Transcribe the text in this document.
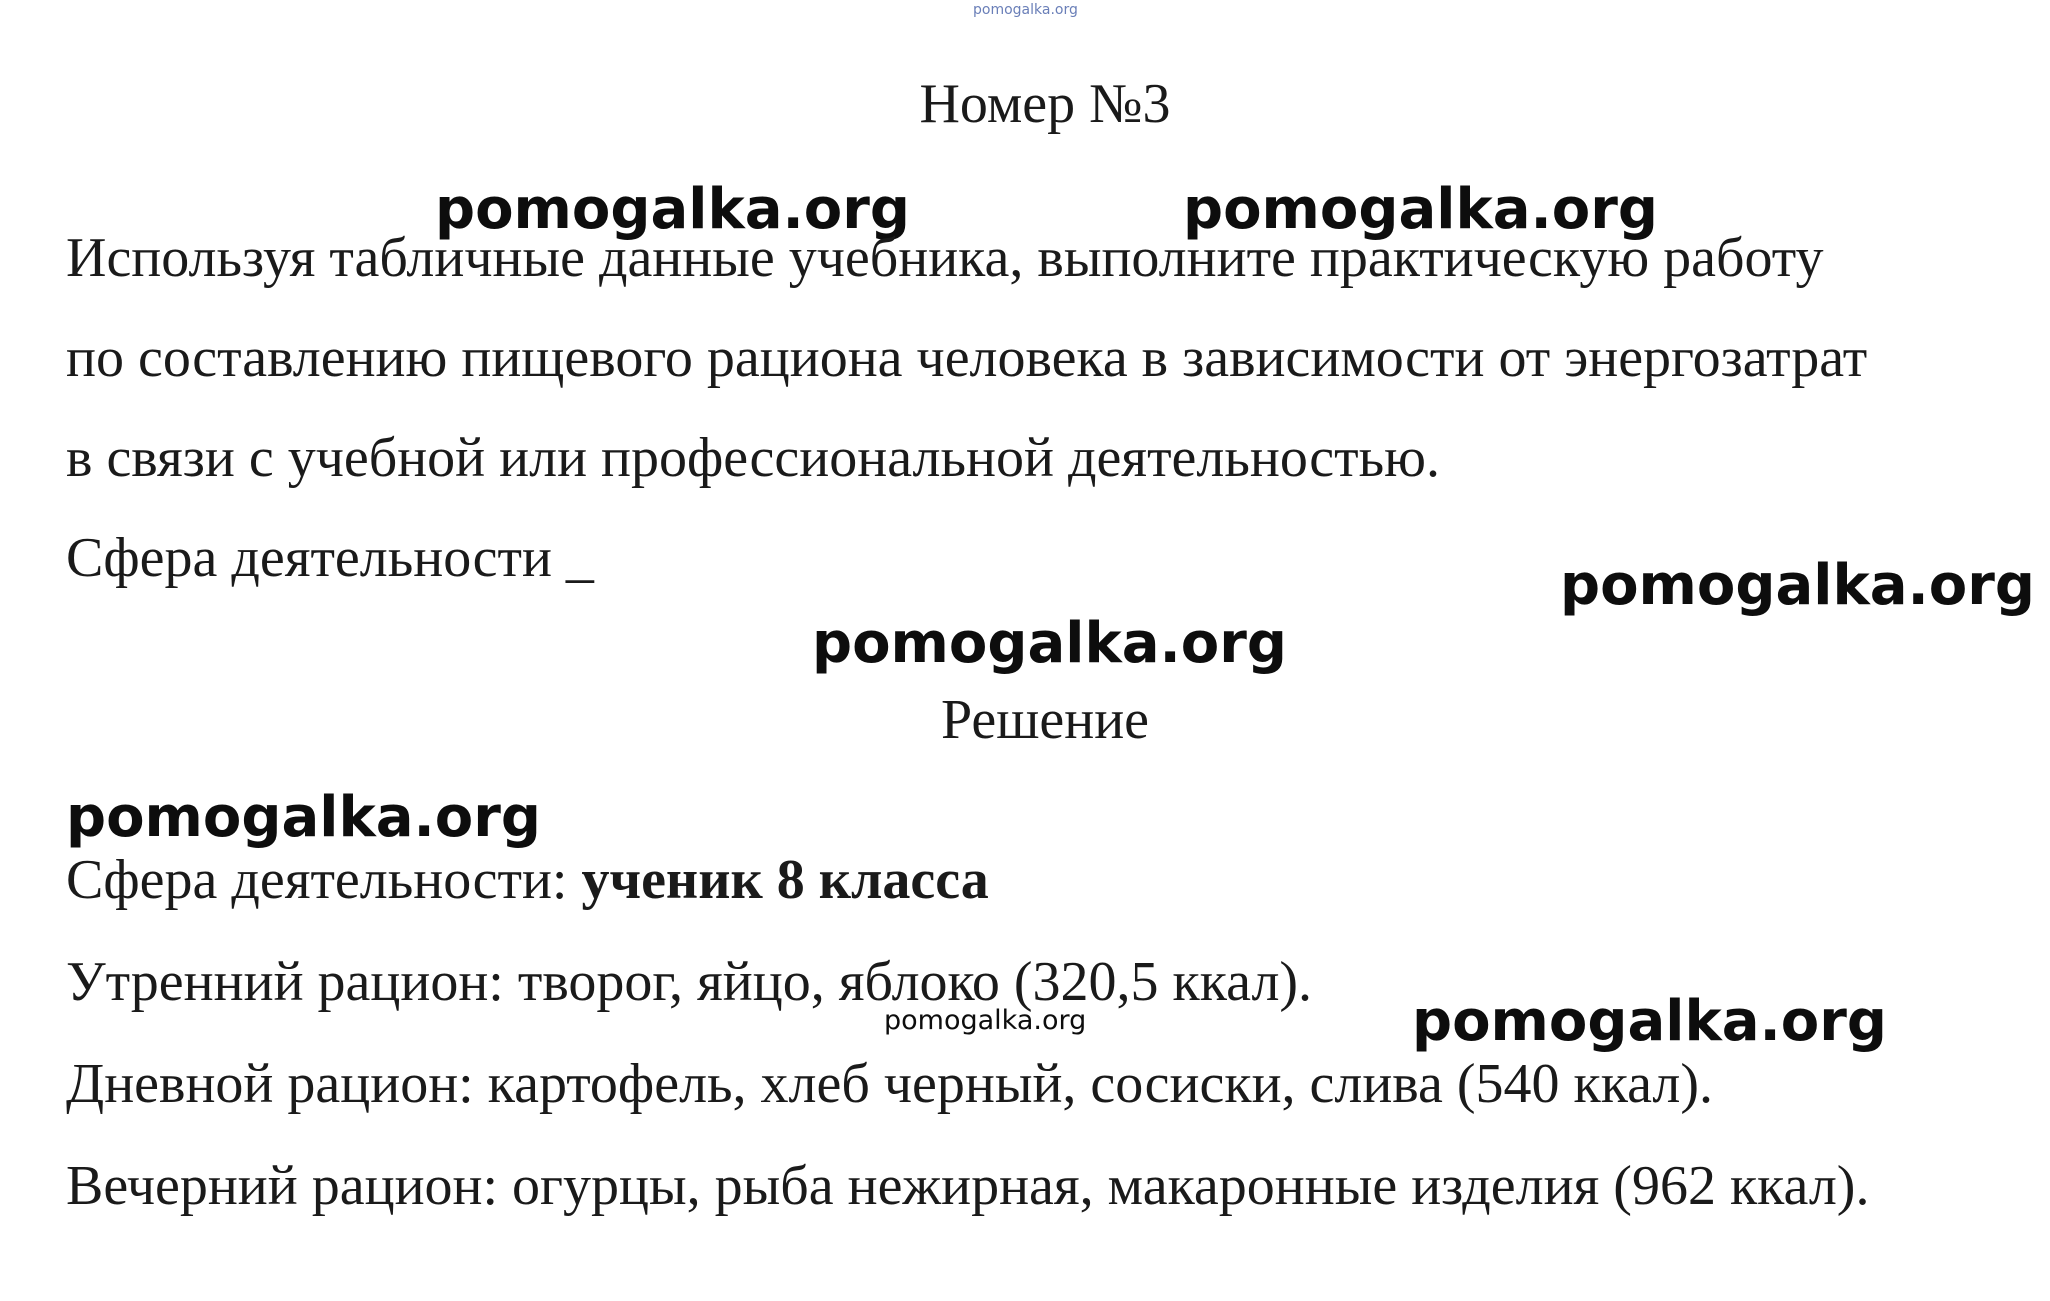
pomogalka.org
Номер №3
pomogalka.org	pomogalka.org
Используя табличные данные учебника, выполните практическую работу
по составлению пищевого рациона человека в зависимости от энергозатрат
в связи с учебной или профессиональной деятельностью.
Сфера деятельности _	pomogalka.org
pomogalka.org
Решение
pomogalka.org
Сфера деятельности: ученик 8 класса
Утренний рацион: творог, яйцо, яблоко (320,5 ккал).
pomogalka.org	pomogalka.org
Дневной рацион: картофель, хлеб черный, сосиски, слива (540 ккал).
Вечерний рацион: огурцы, рыба нежирная, макаронные изделия (962 ккал).
